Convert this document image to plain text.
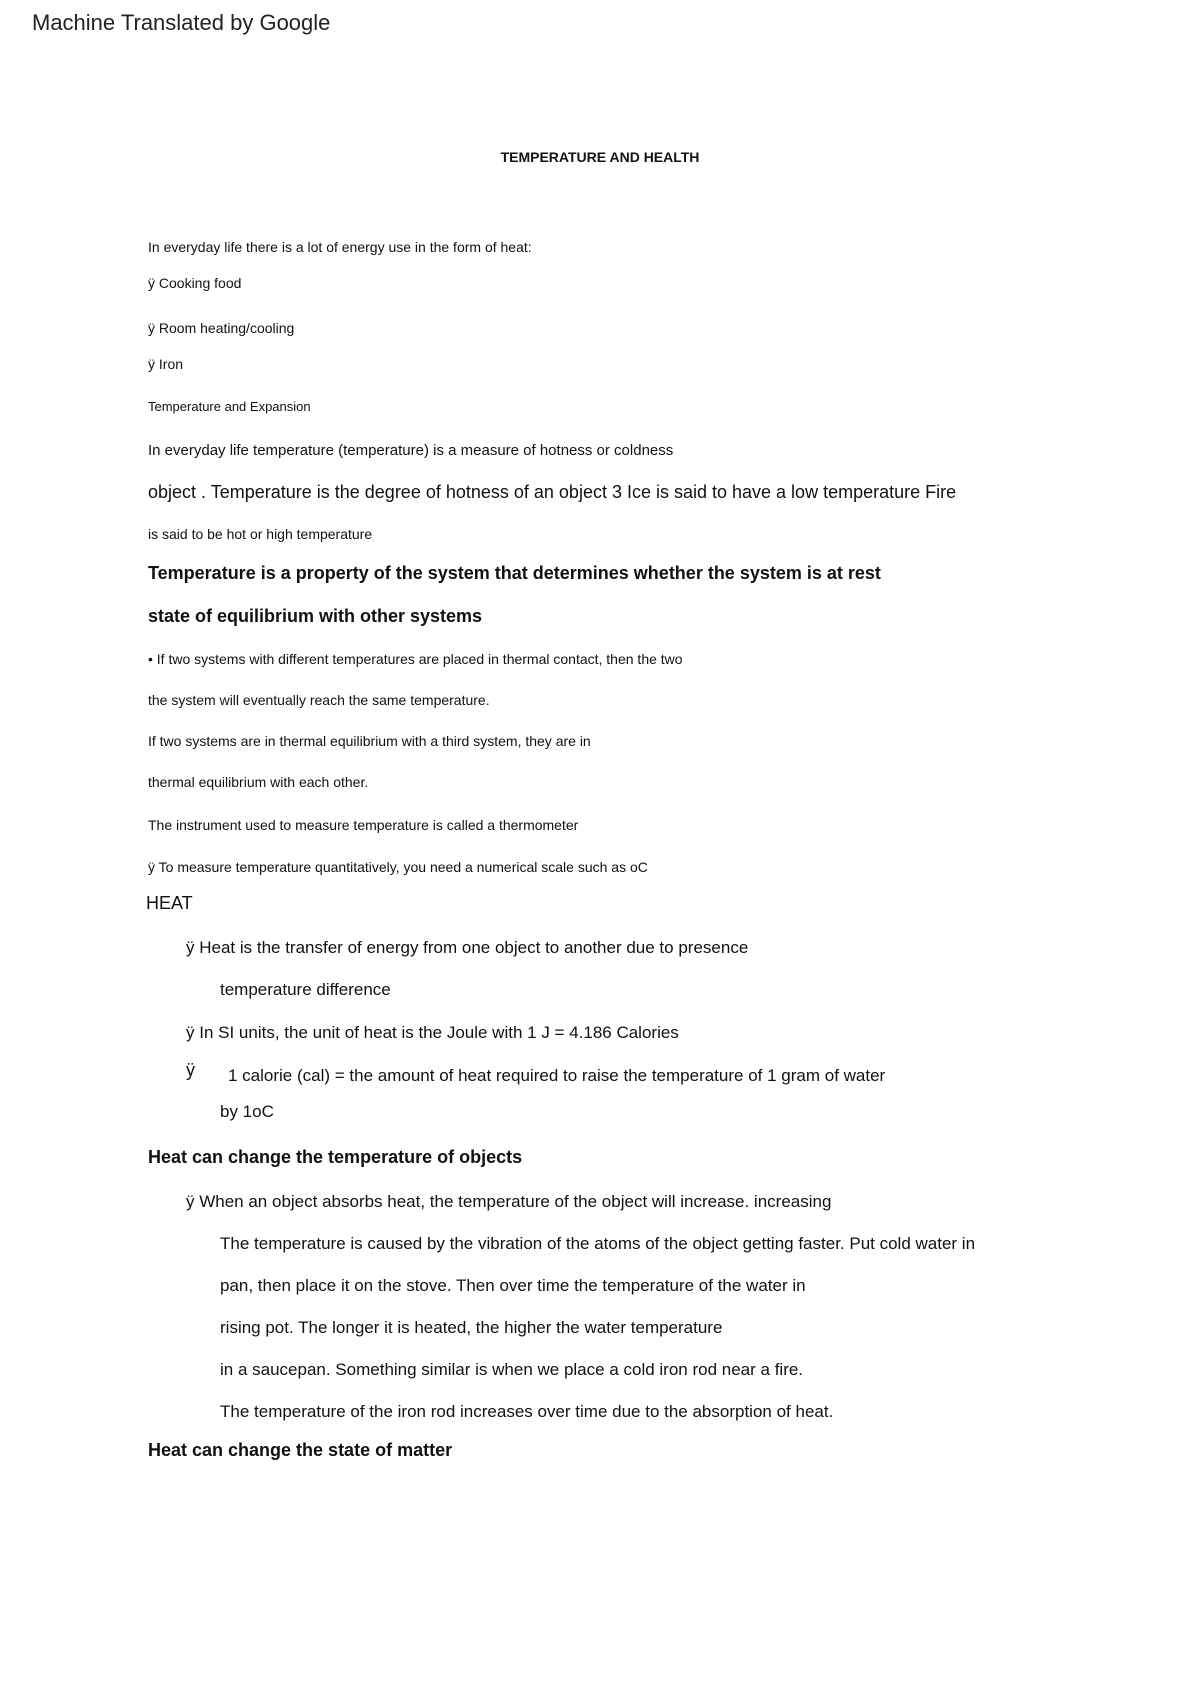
Machine Translated by Google
TEMPERATURE AND HEALTH
In everyday life there is a lot of energy use in the form of heat:
ÿ Cooking food
ÿ Room heating/cooling
ÿ Iron
Temperature and Expansion
In everyday life temperature (temperature) is a measure of hotness or coldness
object . Temperature is the degree of hotness of an object 3 Ice is said to have a low temperature Fire
is said to be hot or high temperature
Temperature is a property of the system that determines whether the system is at rest
state of equilibrium with other systems
• If two systems with different temperatures are placed in thermal contact, then the two
the system will eventually reach the same temperature.
If two systems are in thermal equilibrium with a third system, they are in
thermal equilibrium with each other.
The instrument used to measure temperature is called a thermometer
ÿ To measure temperature quantitatively, you need a numerical scale such as oC
HEAT
ÿ Heat is the transfer of energy from one object to another due to presence
temperature difference
ÿ In SI units, the unit of heat is the Joule with 1 J = 4.186 Calories
ÿ 1 calorie (cal) = the amount of heat required to raise the temperature of 1 gram of water
by 1oC
Heat can change the temperature of objects
ÿ When an object absorbs heat, the temperature of the object will increase. increasing
The temperature is caused by the vibration of the atoms of the object getting faster. Put cold water in
pan, then place it on the stove. Then over time the temperature of the water in
rising pot. The longer it is heated, the higher the water temperature
in a saucepan. Something similar is when we place a cold iron rod near a fire.
The temperature of the iron rod increases over time due to the absorption of heat.
Heat can change the state of matter
